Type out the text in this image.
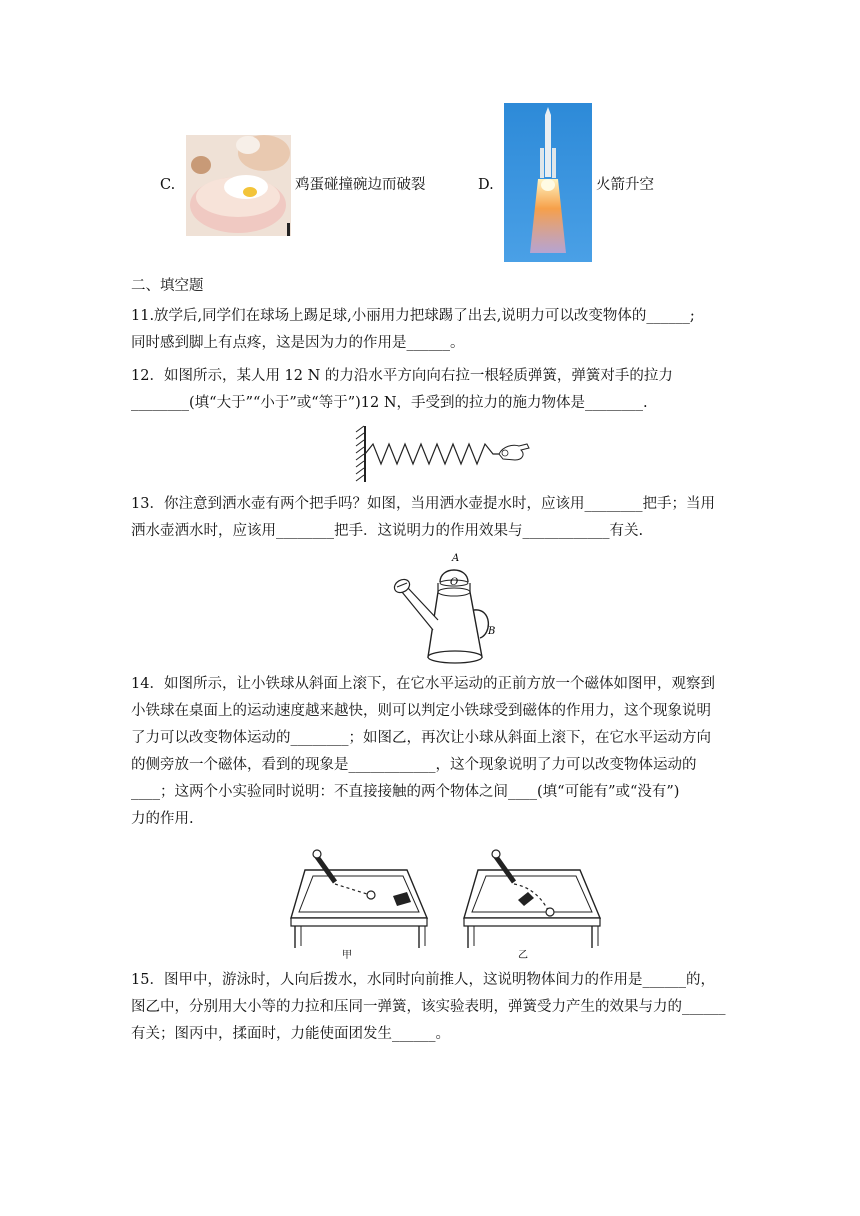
C.	鸡蛋碰撞碗边而破裂	D.	火箭升空
二、填空题
11.放学后,同学们在球场上踢足球,小丽用力把球踢了出去,说明力可以改变物体的______;
同时感到脚上有点疼，这是因为力的作用是______。
12．如图所示，某人用 12 N 的力沿水平方向向右拉一根轻质弹簧，弹簧对手的拉力
________(填“大于”“小于”或“等于”)12 N，手受到的拉力的施力物体是________.
13．你注意到洒水壶有两个把手吗？如图，当用洒水壶提水时，应该用________把手；当用
洒水壶洒水时，应该用________把手．这说明力的作用效果与____________有关.
A
O
B
14．如图所示，让小铁球从斜面上滚下，在它水平运动的正前方放一个磁体如图甲，观察到
小铁球在桌面上的运动速度越来越快，则可以判定小铁球受到磁体的作用力，这个现象说明
了力可以改变物体运动的________；如图乙，再次让小球从斜面上滚下，在它水平运动方向
的侧旁放一个磁体，看到的现象是____________，这个现象说明了力可以改变物体运动的
____；这两个小实验同时说明：不直接接触的两个物体之间____(填“可能有”或“没有”)
力的作用.
甲	乙
15．图甲中，游泳时，人向后拨水，水同时向前推人，这说明物体间力的作用是______的，
图乙中，分别用大小等的力拉和压同一弹簧，该实验表明，弹簧受力产生的效果与力的______
有关；图丙中，揉面时，力能使面团发生______。
